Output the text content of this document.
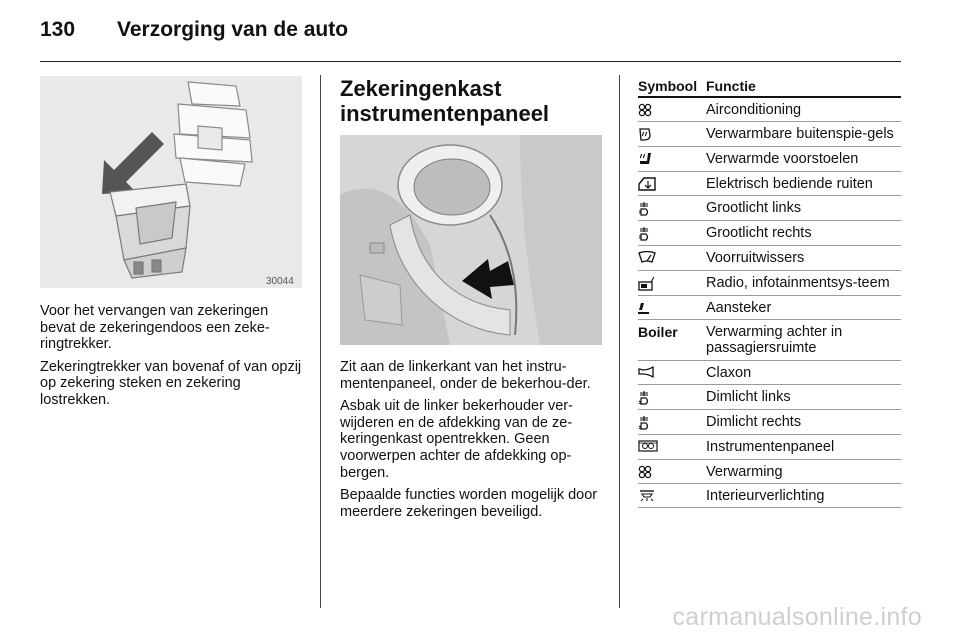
130 Verzorging van de auto
30044

Voor het vervangen van zekeringen bevat de zekeringendoos een zeke-ringtrekker.

Zekeringtrekker van bovenaf of van opzij op zekering steken en zekering lostrekken.

Zekeringenkast instrumentenpaneel

Zit aan de linkerkant van het instru-mentenpaneel, onder de bekerhou-der.

Asbak uit de linker bekerhouder ver-wijderen en de afdekking van de ze-keringenkast opentrekken. Geen voorwerpen achter de afdekking op-bergen.

Bepaalde functies worden mogelijk door meerdere zekeringen beveiligd.

Symbool Functie
Airconditioning
Verwarmbare buitenspie-gels
Verwarmde voorstoelen
Elektrisch bediende ruiten
Grootlicht links
Grootlicht rechts
Voorruitwissers
Radio, infotainmentsys-teem
Aansteker
Boiler	Verwarming achter in passagiersruimte
Claxon
Dimlicht links
Dimlicht rechts
Instrumentenpaneel
Verwarming
Interieurverlichting
carmanualsonline.info
